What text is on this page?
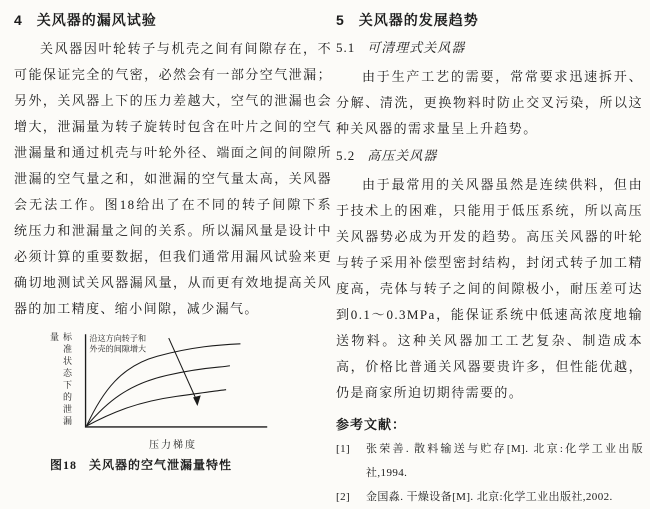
4 关风器的漏风试验

关风器因叶轮转子与机壳之间有间隙存在，不可能保证完全的气密，必然会有一部分空气泄漏；另外，关风器上下的压力差越大，空气的泄漏也会增大，泄漏量为转子旋转时包含在叶片之间的空气泄漏量和通过机壳与叶轮外径、端面之间的间隙所泄漏的空气量之和，如泄漏的空气量太高，关风器会无法工作。图18给出了在不同的转子间隙下系统压力和泄漏量之间的关系。所以漏风量是设计中必须计算的重要数据，但我们通常用漏风试验来更确切地测试关风器漏风量，从而更有效地提高关风器的加工精度、缩小间隙，减少漏气。

标准状态下的泄漏量	沿这方向转子和
外壳的间隙增大
压力梯度
图18 关风器的空气泄漏量特性
5 关风器的发展趋势
5.1 可清理式关风器

由于生产工艺的需要，常常要求迅速拆开、分解、清洗，更换物料时防止交叉污染，所以这种关风器的需求量呈上升趋势。

5.2 高压关风器

由于最常用的关风器虽然是连续供料，但由于技术上的困难，只能用于低压系统，所以高压关风器势必成为开发的趋势。高压关风器的叶轮与转子采用补偿型密封结构，封闭式转子加工精度高，壳体与转子之间的间隙极小，耐压差可达到0.1～0.3MPa，能保证系统中低速高浓度地输送物料。这种关风器加工工艺复杂、制造成本高，价格比普通关风器要贵许多，但性能优越，仍是商家所迫切期待需要的。

参考文献：
[1]	张荣善. 散料输送与贮存[M]. 北京:化学工业出版社,1994.
[2]	金国淼. 干燥设备[M]. 北京:化学工业出版社,2002.
